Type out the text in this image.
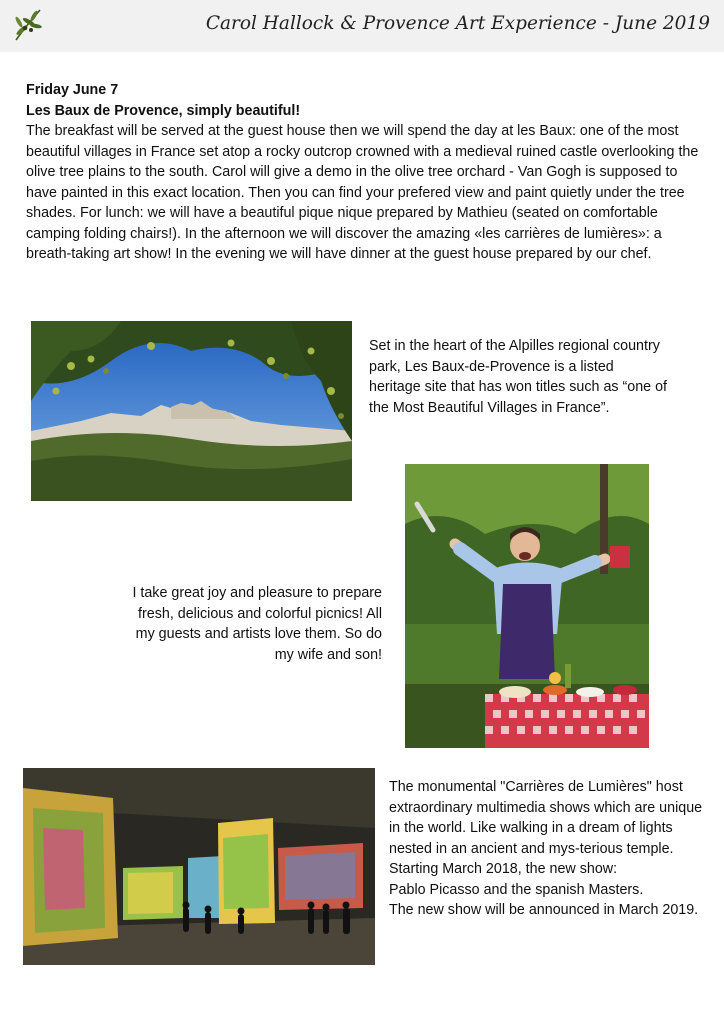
Carol Hallock & Provence Art Experience - June 2019
Friday June 7
Les Baux de Provence, simply beautiful!

The breakfast will be served at the guest house then we will spend the day at les Baux: one of the most beautiful villages in France set atop a rocky outcrop crowned with a medieval ruined castle overlooking the olive tree plains to the south. Carol will give a demo in the olive tree orchard - Van Gogh is supposed to have painted in this exact location. Then you can find your prefered view and paint quietly under the tree shades. For lunch: we will have a beautiful pique nique prepared by Mathieu (seated on comfortable camping folding chairs!). In the afternoon we will discover the amazing «les carrières de lumières»: a breath-taking art show! In the evening we will have dinner at the guest house prepared by our chef.

Set in the heart of the Alpilles regional country park, Les Baux-de-Provence is a listed heritage site that has won titles such as “one of the Most Beautiful Villages in France”.
I take great joy and pleasure to prepare fresh, delicious and colorful picnics! All my guests and artists love them. So do my wife and son!
The monumental "Carrières de Lumières" host extraordinary multimedia shows which are unique in the world. Like walking in a dream of lights nested in an ancient and mys-terious temple.
Starting March 2018, the new show:
Pablo Picasso and the spanish Masters.
The new show will be announced in March 2019.
